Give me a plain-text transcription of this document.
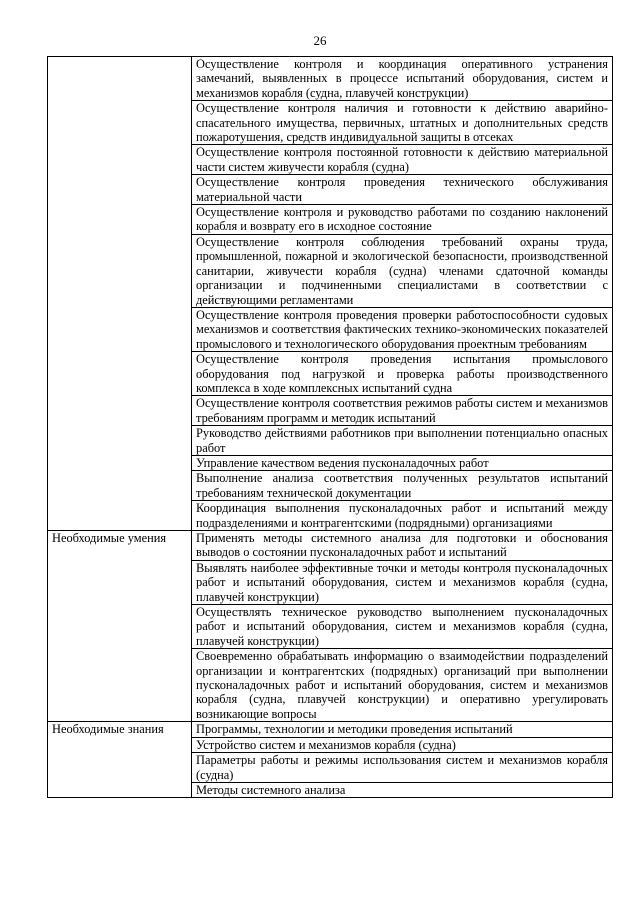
26
	Осуществление контроля и координация оперативного устранения замечаний, выявленных в процессе испытаний оборудования, систем и механизмов корабля (судна, плавучей конструкции)
	Осуществление контроля наличия и готовности к действию аварийно-спасательного имущества, первичных, штатных и дополнительных средств пожаротушения, средств индивидуальной защиты в отсеках
	Осуществление контроля постоянной готовности к действию материальной части систем живучести корабля (судна)
	Осуществление контроля проведения технического обслуживания материальной части
	Осуществление контроля и руководство работами по созданию наклонений корабля и возврату его в исходное состояние
	Осуществление контроля соблюдения требований охраны труда, промышленной, пожарной и экологической безопасности, производственной санитарии, живучести корабля (судна) членами сдаточной команды организации и подчиненными специалистами в соответствии с действующими регламентами
	Осуществление контроля проведения проверки работоспособности судовых механизмов и соответствия фактических технико-экономических показателей промыслового и технологического оборудования проектным требованиям
	Осуществление контроля проведения испытания промыслового оборудования под нагрузкой и проверка работы производственного комплекса в ходе комплексных испытаний судна
	Осуществление контроля соответствия режимов работы систем и механизмов требованиям программ и методик испытаний
	Руководство действиями работников при выполнении потенциально опасных работ
	Управление качеством ведения пусконаладочных работ
	Выполнение анализа соответствия полученных результатов испытаний требованиям технической документации
	Координация выполнения пусконаладочных работ и испытаний между подразделениями и контрагентскими (подрядными) организациями
Необходимые умения	Применять методы системного анализа для подготовки и обоснования выводов о состоянии пусконаладочных работ и испытаний
	Выявлять наиболее эффективные точки и методы контроля пусконаладочных работ и испытаний оборудования, систем и механизмов корабля (судна, плавучей конструкции)
	Осуществлять техническое руководство выполнением пусконаладочных работ и испытаний оборудования, систем и механизмов корабля (судна, плавучей конструкции)
	Своевременно обрабатывать информацию о взаимодействии подразделений организации и контрагентских (подрядных) организаций при выполнении пусконаладочных работ и испытаний оборудования, систем и механизмов корабля (судна, плавучей конструкции) и оперативно урегулировать возникающие вопросы
Необходимые знания	Программы, технологии и методики проведения испытаний
	Устройство систем и механизмов корабля (судна)
	Параметры работы и режимы использования систем и механизмов корабля (судна)
	Методы системного анализа
